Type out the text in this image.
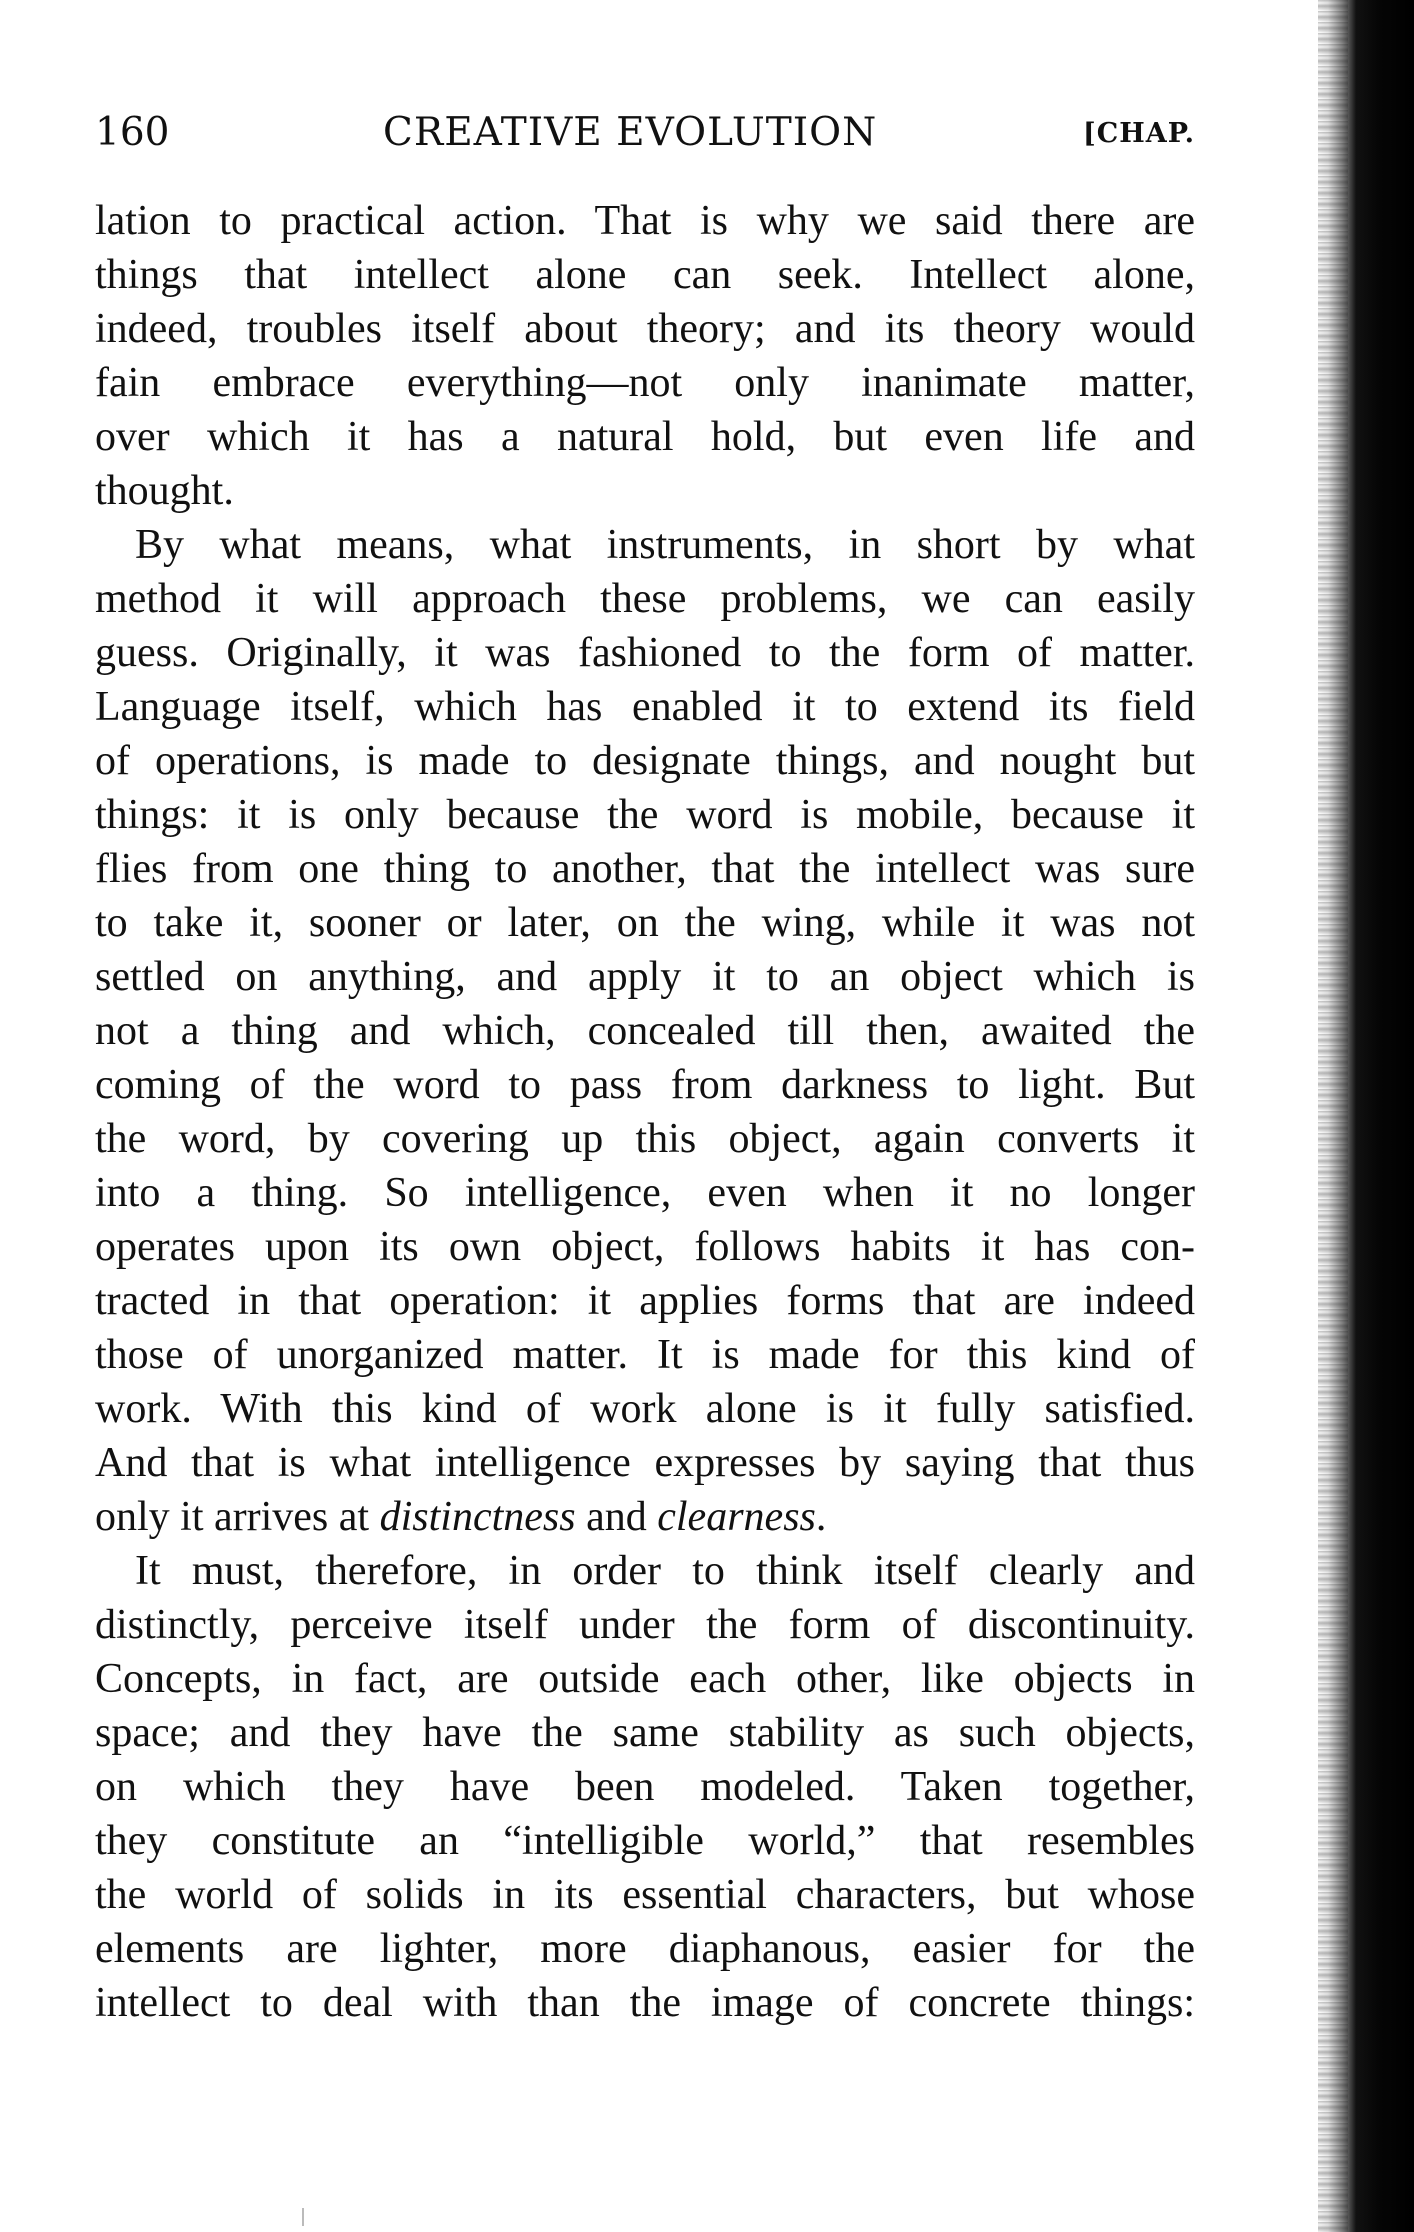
160	CREATIVE EVOLUTION	[CHAP.
lation to practical action. That is why we said there are
things that intellect alone can seek. Intellect alone,
indeed, troubles itself about theory; and its theory would
fain embrace everything—not only inanimate matter,
over which it has a natural hold, but even life and
thought.
By what means, what instruments, in short by what
method it will approach these problems, we can easily
guess. Originally, it was fashioned to the form of matter.
Language itself, which has enabled it to extend its field
of operations, is made to designate things, and nought but
things: it is only because the word is mobile, because it
flies from one thing to another, that the intellect was sure
to take it, sooner or later, on the wing, while it was not
settled on anything, and apply it to an object which is
not a thing and which, concealed till then, awaited the
coming of the word to pass from darkness to light. But
the word, by covering up this object, again converts it
into a thing. So intelligence, even when it no longer
operates upon its own object, follows habits it has con-
tracted in that operation: it applies forms that are indeed
those of unorganized matter. It is made for this kind of
work. With this kind of work alone is it fully satisfied.
And that is what intelligence expresses by saying that thus
only it arrives at distinctness and clearness.
It must, therefore, in order to think itself clearly and
distinctly, perceive itself under the form of discontinuity.
Concepts, in fact, are outside each other, like objects in
space; and they have the same stability as such objects,
on which they have been modeled. Taken together,
they constitute an “intelligible world,” that resembles
the world of solids in its essential characters, but whose
elements are lighter, more diaphanous, easier for the
intellect to deal with than the image of concrete things:
